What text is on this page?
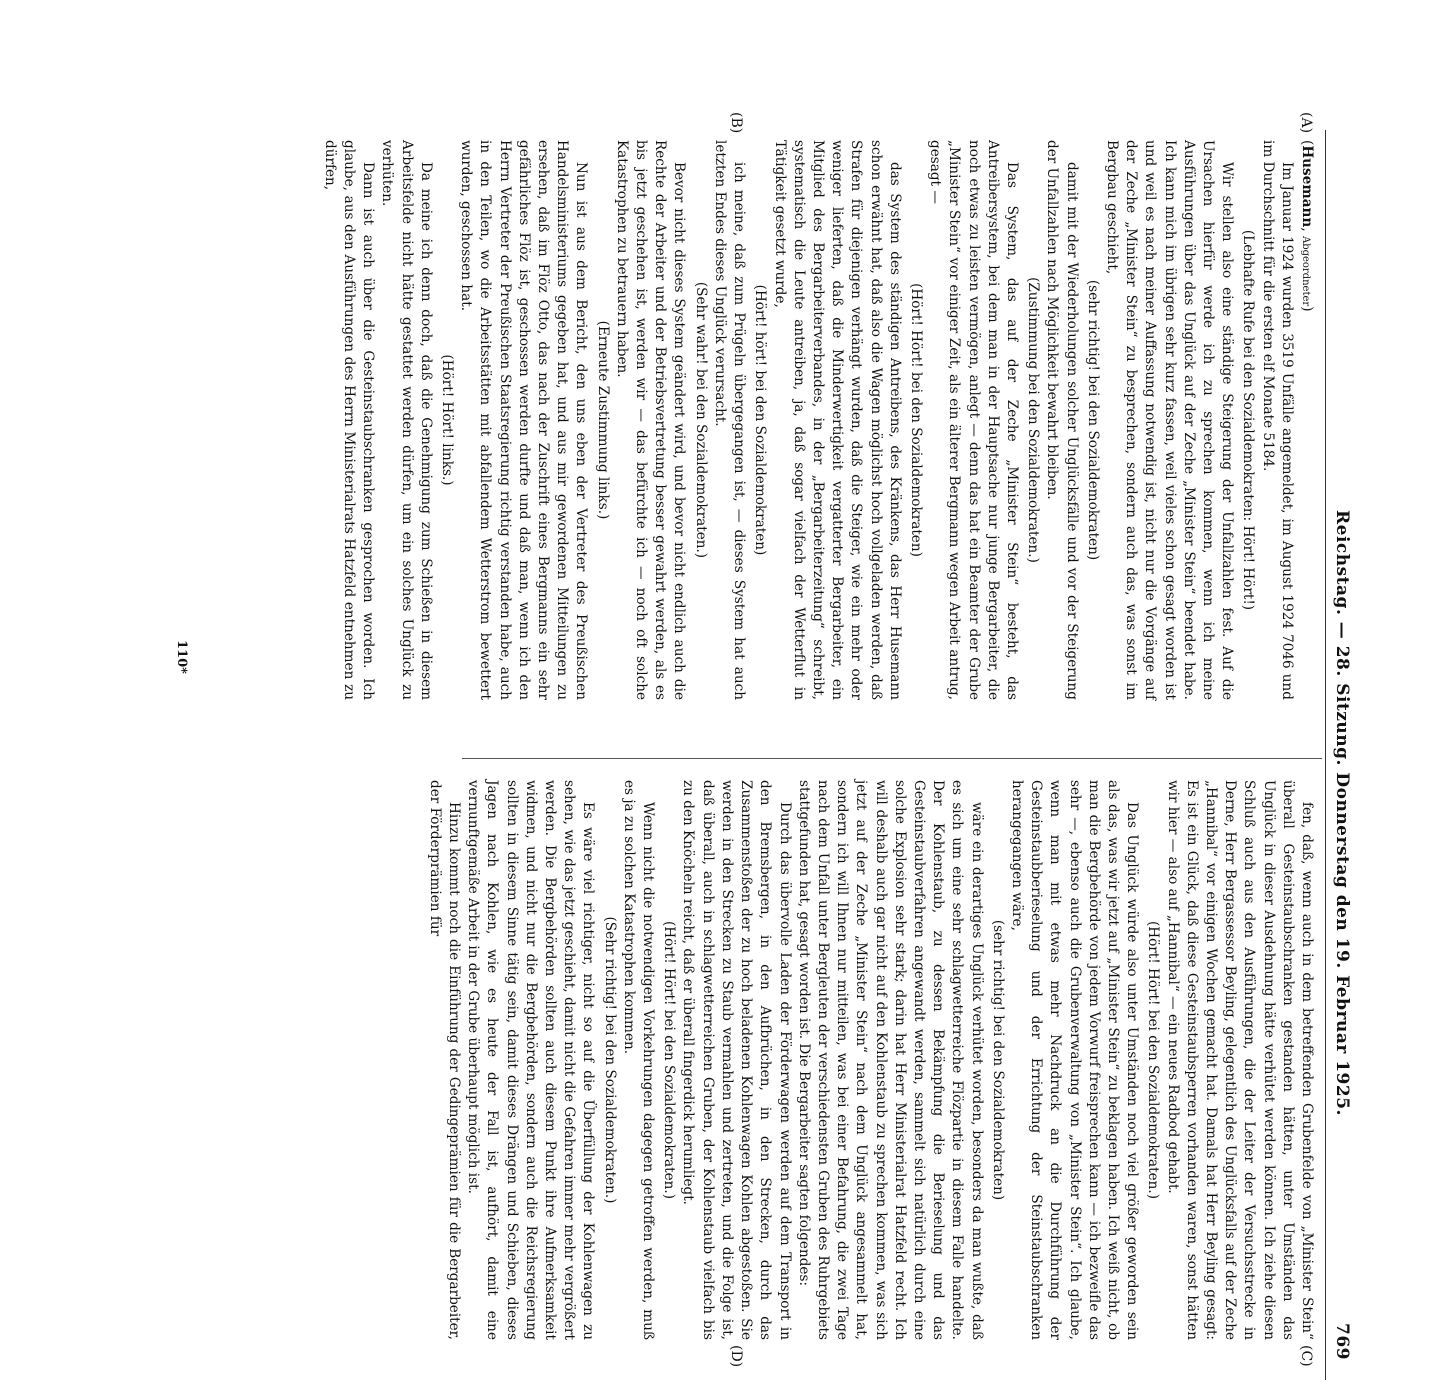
Reichstag. — 28. Sitzung. Donnerstag den 19. Februar 1925.
769
(A)
(B)
(C)
(D)

(Husemann, Abgeordneter)

Im Januar 1924 wurden 3519 Unfälle angemeldet, im August 1924 7046 und im Durchschnitt für die ersten elf Monate 5184.

(Lebhafte Rufe bei den Sozialdemokraten: Hört! Hört!)

Wir stellen also eine ständige Steigerung der Unfallzahlen fest. Auf die Ursachen hierfür werde ich zu sprechen kommen, wenn ich meine Ausführungen über das Unglück auf der Zeche „Minister Stein“ beendet habe. Ich kann mich im übrigen sehr kurz fassen, weil vieles schon gesagt worden ist und weil es nach meiner Auffassung notwendig ist, nicht nur die Vorgänge auf der Zeche „Minister Stein“ zu besprechen, sondern auch das, was sonst im Bergbau geschieht,

(sehr richtig! bei den Sozialdemokraten)

damit mit der Wiederholungen solcher Unglücksfälle und vor der Steigerung der Unfallzahlen nach Möglichkeit bewahrt bleiben.

(Zustimmung bei den Sozialdemokraten.)

Das System, das auf der Zeche „Minister Stein“ besteht, das Antreibersystem, bei dem man in der Hauptsache nur junge Bergarbeiter, die noch etwas zu leisten vermögen, anlegt — denn das hat ein Beamter der Grube „Minister Stein“ vor einiger Zeit, als ein älterer Bergmann wegen Arbeit antrug, gesagt —

(Hört! Hört! bei den Sozialdemokraten)

das System des ständigen Antreibens, des Kränkens, das Herr Husemann schon erwähnt hat, daß also die Wagen möglichst hoch vollgeladen werden, daß Strafen für diejenigen verhängt wurden, daß die Steiger, wie ein mehr oder weniger lieferten, daß die Minderwertigkeit vergatterter Bergarbeiter, ein Mitglied des Bergarbeiterverbandes, in der „Bergarbeiterzeitung“ schreibt, systematisch die Leute antreiben, ja, daß sogar vielfach der Wetterflut in Tätigkeit gesetzt wurde,

(Hört! hört! bei den Sozialdemokraten)

ich meine, daß zum Prügeln übergegangen ist, — dieses System hat auch letzten Endes dieses Unglück verursacht.

(Sehr wahr! bei den Sozialdemokraten.)

Bevor nicht dieses System geändert wird, und bevor nicht endlich auch die Rechte der Arbeiter und der Betriebsvertretung besser gewahrt werden, als es bis jetzt geschehen ist, werden wir — das befürchte ich — noch oft solche Katastrophen zu betrauern haben.

(Erneute Zustimmung links.)

Nun ist aus dem Bericht, den uns eben der Vertreter des Preußischen Handelsministeriums gegeben hat, und aus mir gewordenen Mitteilungen zu ersehen, daß im Flöz Otto, das nach der Zuschrift eines Bergmanns ein sehr gefährliches Flöz ist, geschossen werden durfte und daß man, wenn ich den Herrn Vertreter der Preußischen Staatsregierung richtig verstanden habe, auch in den Teilen, wo die Arbeitsstätten mit abfallendem Wetterstrom bewettert wurden, geschossen hat.

(Hört! Hört! links.)

Da meine ich denn doch, daß die Genehmigung zum Schießen in diesem Arbeitsfelde nicht hätte gestattet werden dürfen, um ein solches Unglück zu verhüten.

Dann ist auch über die Gesteinstaubschranken gesprochen worden. Ich glaube, aus den Ausführungen des Herrn Ministerialrats Hatzfeld entnehmen zu dürfen,

fen, daß, wenn auch in dem betreffenden Grubenfelde von „Minister Stein“ überall Gesteinstaubschranken gestanden hätten, unter Umständen das Unglück in dieser Ausdehnung hätte verhütet werden können. Ich ziehe diesen Schluß auch aus den Ausführungen, die der Leiter der Versuchsstrecke in Derne, Herr Bergassessor Beyling, gelegentlich des Unglücksfalls auf der Zeche „Hannibal“ vor einigen Wochen gemacht hat. Damals hat Herr Beyling gesagt: Es ist ein Glück, daß diese Gesteinstaubsperren vorhanden waren, sonst hätten wir hier — also auf „Hannibal“ — ein neues Radbod gehabt.

(Hört! Hört! bei den Sozialdemokraten.)

Das Unglück würde also unter Umständen noch viel größer geworden sein als das, was wir jetzt auf „Minister Stein“ zu beklagen haben. Ich weiß nicht, ob man die Bergbehörde von jedem Vorwurf freisprechen kann — ich bezweifle das sehr —, ebenso auch die Grubenverwaltung von „Minister Stein“. Ich glaube, wenn man mit etwas mehr Nachdruck an die Durchführung der Gesteinstaubberieselung und der Errichtung der Steinstaubschranken herangegangen wäre,

(sehr richtig! bei den Sozialdemokraten)

wäre ein derartiges Unglück verhütet worden, besonders da man wußte, daß es sich um eine sehr schlagwetterreiche Flözpartie in diesem Falle handelte. Der Kohlenstaub, zu dessen Bekämpfung die Berieselung und das Gesteinstaubverfahren angewandt werden, sammelt sich natürlich durch eine solche Explosion sehr stark; darin hat Herr Ministerialrat Hatzfeld recht. Ich will deshalb auch gar nicht auf den Kohlenstaub zu sprechen kommen, was sich jetzt auf der Zeche „Minister Stein“ nach dem Unglück angesammelt hat, sondern ich will Ihnen nur mitteilen, was bei einer Befahrung, die zwei Tage nach dem Unfall unter Bergleuten der verschiedensten Gruben des Ruhrgebiets stattgefunden hat, gesagt worden ist. Die Bergarbeiter sagten folgendes:

Durch das übervolle Laden der Förderwagen werden auf dem Transport in den Bremsbergen, in den Aufbrüchen, in den Strecken, durch das Zusammenstoßen der zu hoch beladenen Kohlenwagen Kohlen abgestoßen. Sie werden in den Strecken zu Staub vermahlen und zertreten, und die Folge ist, daß überall, auch in schlagwetterreichen Gruben, der Kohlenstaub vielfach bis zu den Knöcheln reicht, daß er überall fingerdick herumliegt.

(Hört! Hört! bei den Sozialdemokraten.)

Wenn nicht die notwendigen Vorkehrungen dagegen getroffen werden, muß es ja zu solchen Katastrophen kommen.

(Sehr richtig! bei den Sozialdemokraten.)

Es wäre viel richtiger, nicht so auf die Überfüllung der Kohlenwagen zu sehen, wie das jetzt geschieht, damit nicht die Gefahren immer mehr vergrößert werden. Die Bergbehörden sollten auch diesem Punkt ihre Aufmerksamkeit widmen, und nicht nur die Bergbehörden, sondern auch die Reichsregierung sollten in diesem Sinne tätig sein, damit dieses Drängen und Schieben, dieses Jagen nach Kohlen, wie es heute der Fall ist, aufhört, damit eine vernunftgemäße Arbeit in der Grube überhaupt möglich ist.

Hinzu kommt noch die Einführung der Gedingeprämien für die Bergarbeiter, der Förderprämien für

110*
